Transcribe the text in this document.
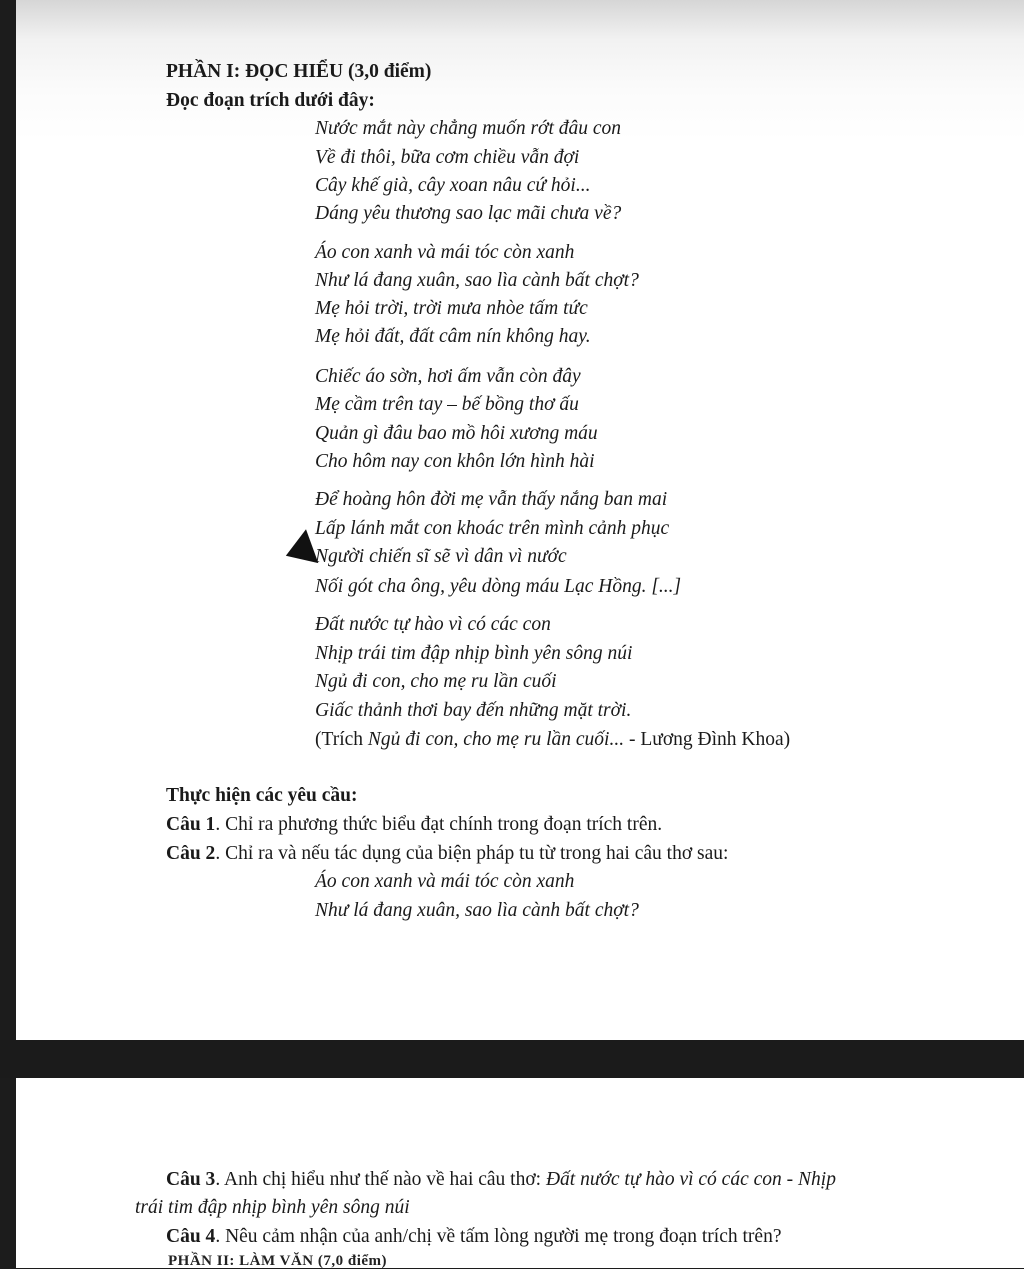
PHẦN I: ĐỌC HIỂU (3,0 điểm)
Đọc đoạn trích dưới đây:
Nước mắt này chẳng muốn rớt đâu con
Về đi thôi, bữa cơm chiều vẫn đợi
Cây khế già, cây xoan nâu cứ hỏi...
Dáng yêu thương sao lạc mãi chưa về?
Áo con xanh và mái tóc còn xanh
Như lá đang xuân, sao lìa cành bất chợt?
Mẹ hỏi trời, trời mưa nhòe tấm tức
Mẹ hỏi đất, đất câm nín không hay.
Chiếc áo sờn, hơi ấm vẫn còn đây
Mẹ cầm trên tay – bế bồng thơ ấu
Quản gì đâu bao mồ hôi xương máu
Cho hôm nay con khôn lớn hình hài
Để hoàng hôn đời mẹ vẫn thấy nắng ban mai
Lấp lánh mắt con khoác trên mình cảnh phục
Người chiến sĩ sẽ vì dân vì nước
Nối gót cha ông, yêu dòng máu Lạc Hồng. [...]
Đất nước tự hào vì có các con
Nhịp trái tim đập nhịp bình yên sông núi
Ngủ đi con, cho mẹ ru lần cuối
Giấc thảnh thơi bay đến những mặt trời.
(Trích Ngủ đi con, cho mẹ ru lần cuối... - Lương Đình Khoa)
Thực hiện các yêu cầu:
Câu 1. Chỉ ra phương thức biểu đạt chính trong đoạn trích trên.
Câu 2. Chỉ ra và nếu tác dụng của biện pháp tu từ trong hai câu thơ sau:
Áo con xanh và mái tóc còn xanh
Như lá đang xuân, sao lìa cành bất chợt?
Câu 3. Anh chị hiểu như thế nào về hai câu thơ: Đất nước tự hào vì có các con - Nhịp
trái tim đập nhịp bình yên sông núi
Câu 4. Nêu cảm nhận của anh/chị về tấm lòng người mẹ trong đoạn trích trên?
PHẦN II: LÀM VĂN (7,0 điểm)
